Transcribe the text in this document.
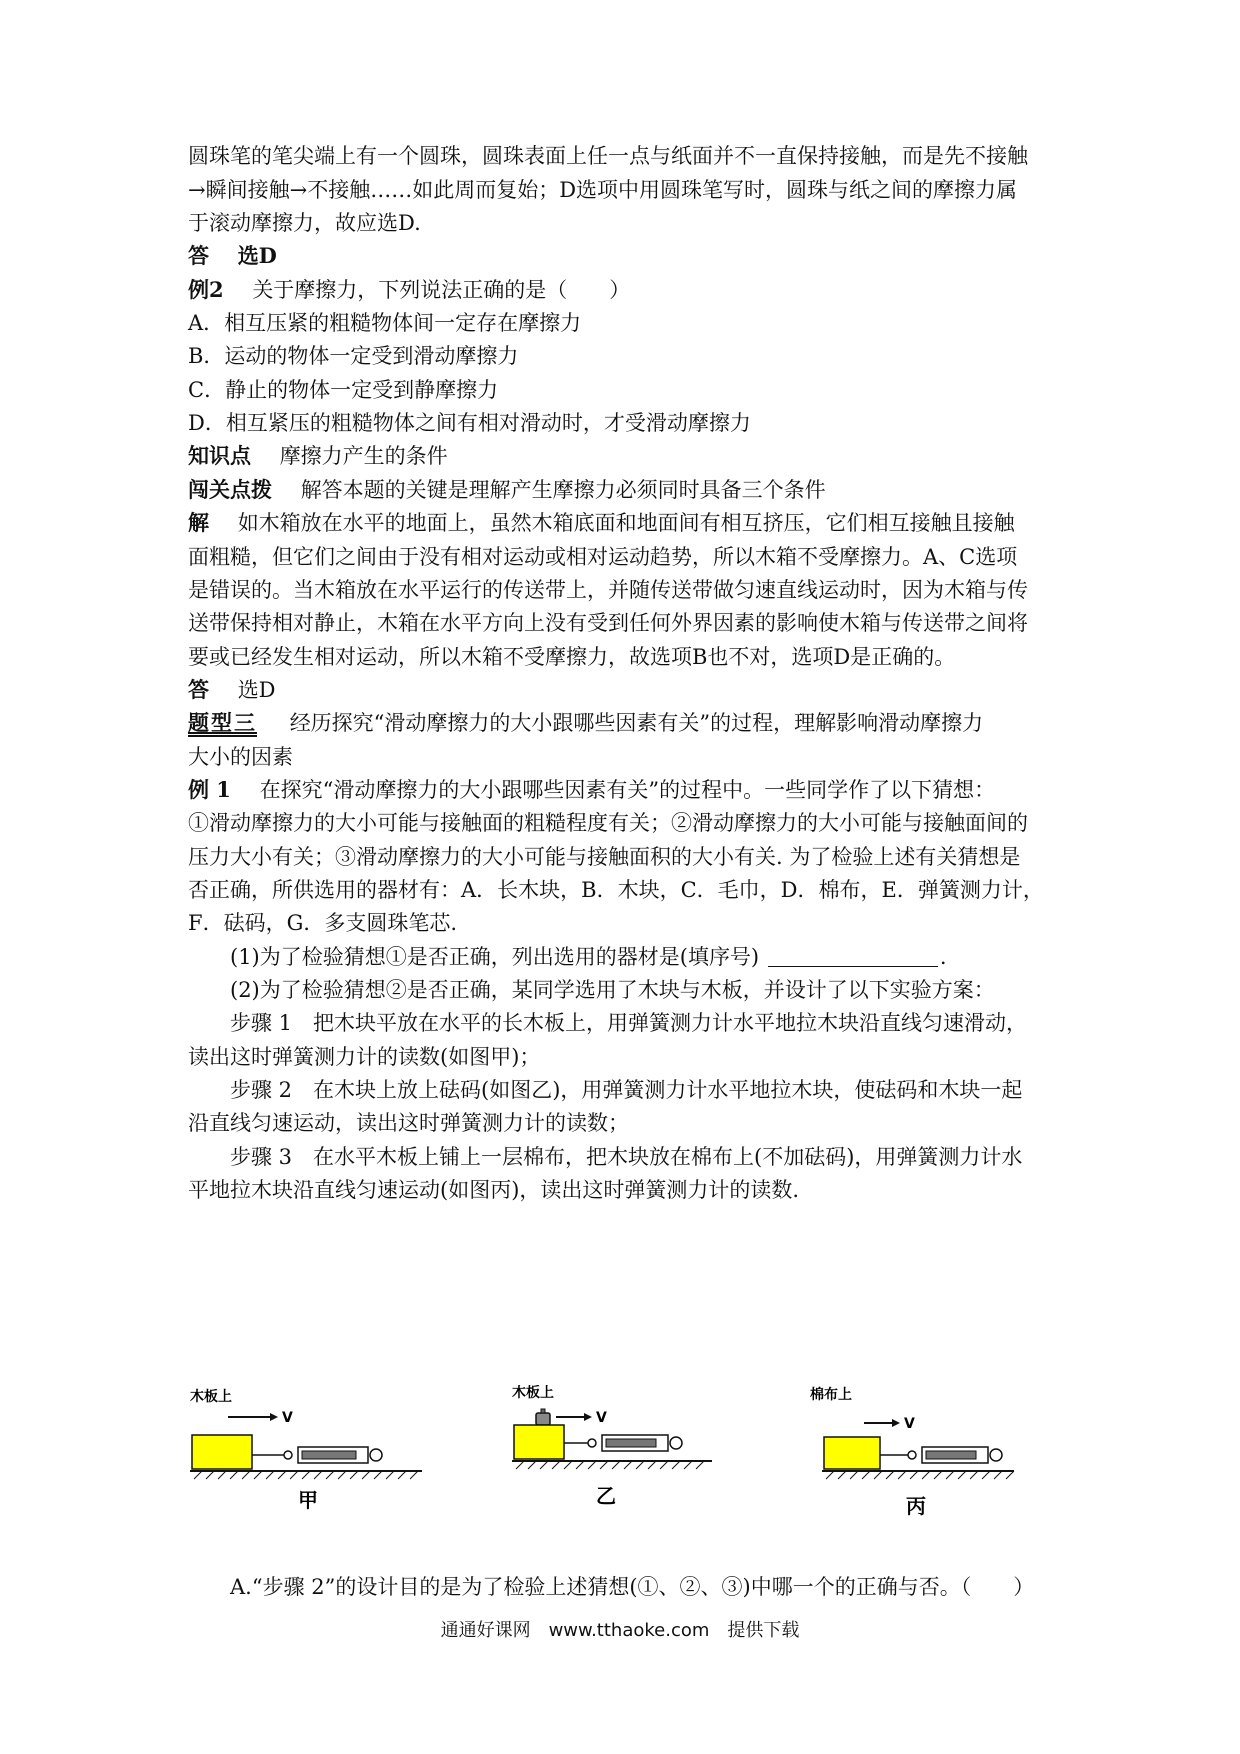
圆珠笔的笔尖端上有一个圆珠，圆珠表面上任一点与纸面并不一直保持接触，而是先不接触
→瞬间接触→不接触……如此周而复始；D选项中用圆珠笔写时，圆珠与纸之间的摩擦力属
于滚动摩擦力，故应选D.
答 选D
例2 关于摩擦力，下列说法正确的是（　　）
A．相互压紧的粗糙物体间一定存在摩擦力
B．运动的物体一定受到滑动摩擦力
C．静止的物体一定受到静摩擦力
D．相互紧压的粗糙物体之间有相对滑动时，才受滑动摩擦力
知识点 摩擦力产生的条件
闯关点拨 解答本题的关键是理解产生摩擦力必须同时具备三个条件
解 如木箱放在水平的地面上，虽然木箱底面和地面间有相互挤压，它们相互接触且接触
面粗糙，但它们之间由于没有相对运动或相对运动趋势，所以木箱不受摩擦力。A、C选项
是错误的。当木箱放在水平运行的传送带上，并随传送带做匀速直线运动时，因为木箱与传
送带保持相对静止，木箱在水平方向上没有受到任何外界因素的影响使木箱与传送带之间将
要或已经发生相对运动，所以木箱不受摩擦力，故选项B也不对，选项D是正确的。
答 选D
题型三 经历探究“滑动摩擦力的大小跟哪些因素有关”的过程，理解影响滑动摩擦力
大小的因素
例 1 在探究“滑动摩擦力的大小跟哪些因素有关”的过程中。一些同学作了以下猜想：
①滑动摩擦力的大小可能与接触面的粗糙程度有关；②滑动摩擦力的大小可能与接触面间的
压力大小有关；③滑动摩擦力的大小可能与接触面积的大小有关. 为了检验上述有关猜想是
否正确，所供选用的器材有：A．长木块，B．木块，C．毛巾，D．棉布，E．弹簧测力计，
F．砝码，G．多支圆珠笔芯.
(1)为了检验猜想①是否正确，列出选用的器材是(填序号)	.
(2)为了检验猜想②是否正确，某同学选用了木块与木板，并设计了以下实验方案：
步骤 1　把木块平放在水平的长木板上，用弹簧测力计水平地拉木块沿直线匀速滑动，
读出这时弹簧测力计的读数(如图甲)；
步骤 2　在木块上放上砝码(如图乙)，用弹簧测力计水平地拉木块，使砝码和木块一起
沿直线匀速运动，读出这时弹簧测力计的读数；
步骤 3　在水平木板上铺上一层棉布，把木块放在棉布上(不加砝码)，用弹簧测力计水
平地拉木块沿直线匀速运动(如图丙)，读出这时弹簧测力计的读数.
木板上
V
甲
木板上
V
乙
棉布上
V
丙
A.“步骤 2”的设计目的是为了检验上述猜想(①、②、③)中哪一个的正确与否。（　　）
通通好课网　www.tthaoke.com　提供下载
